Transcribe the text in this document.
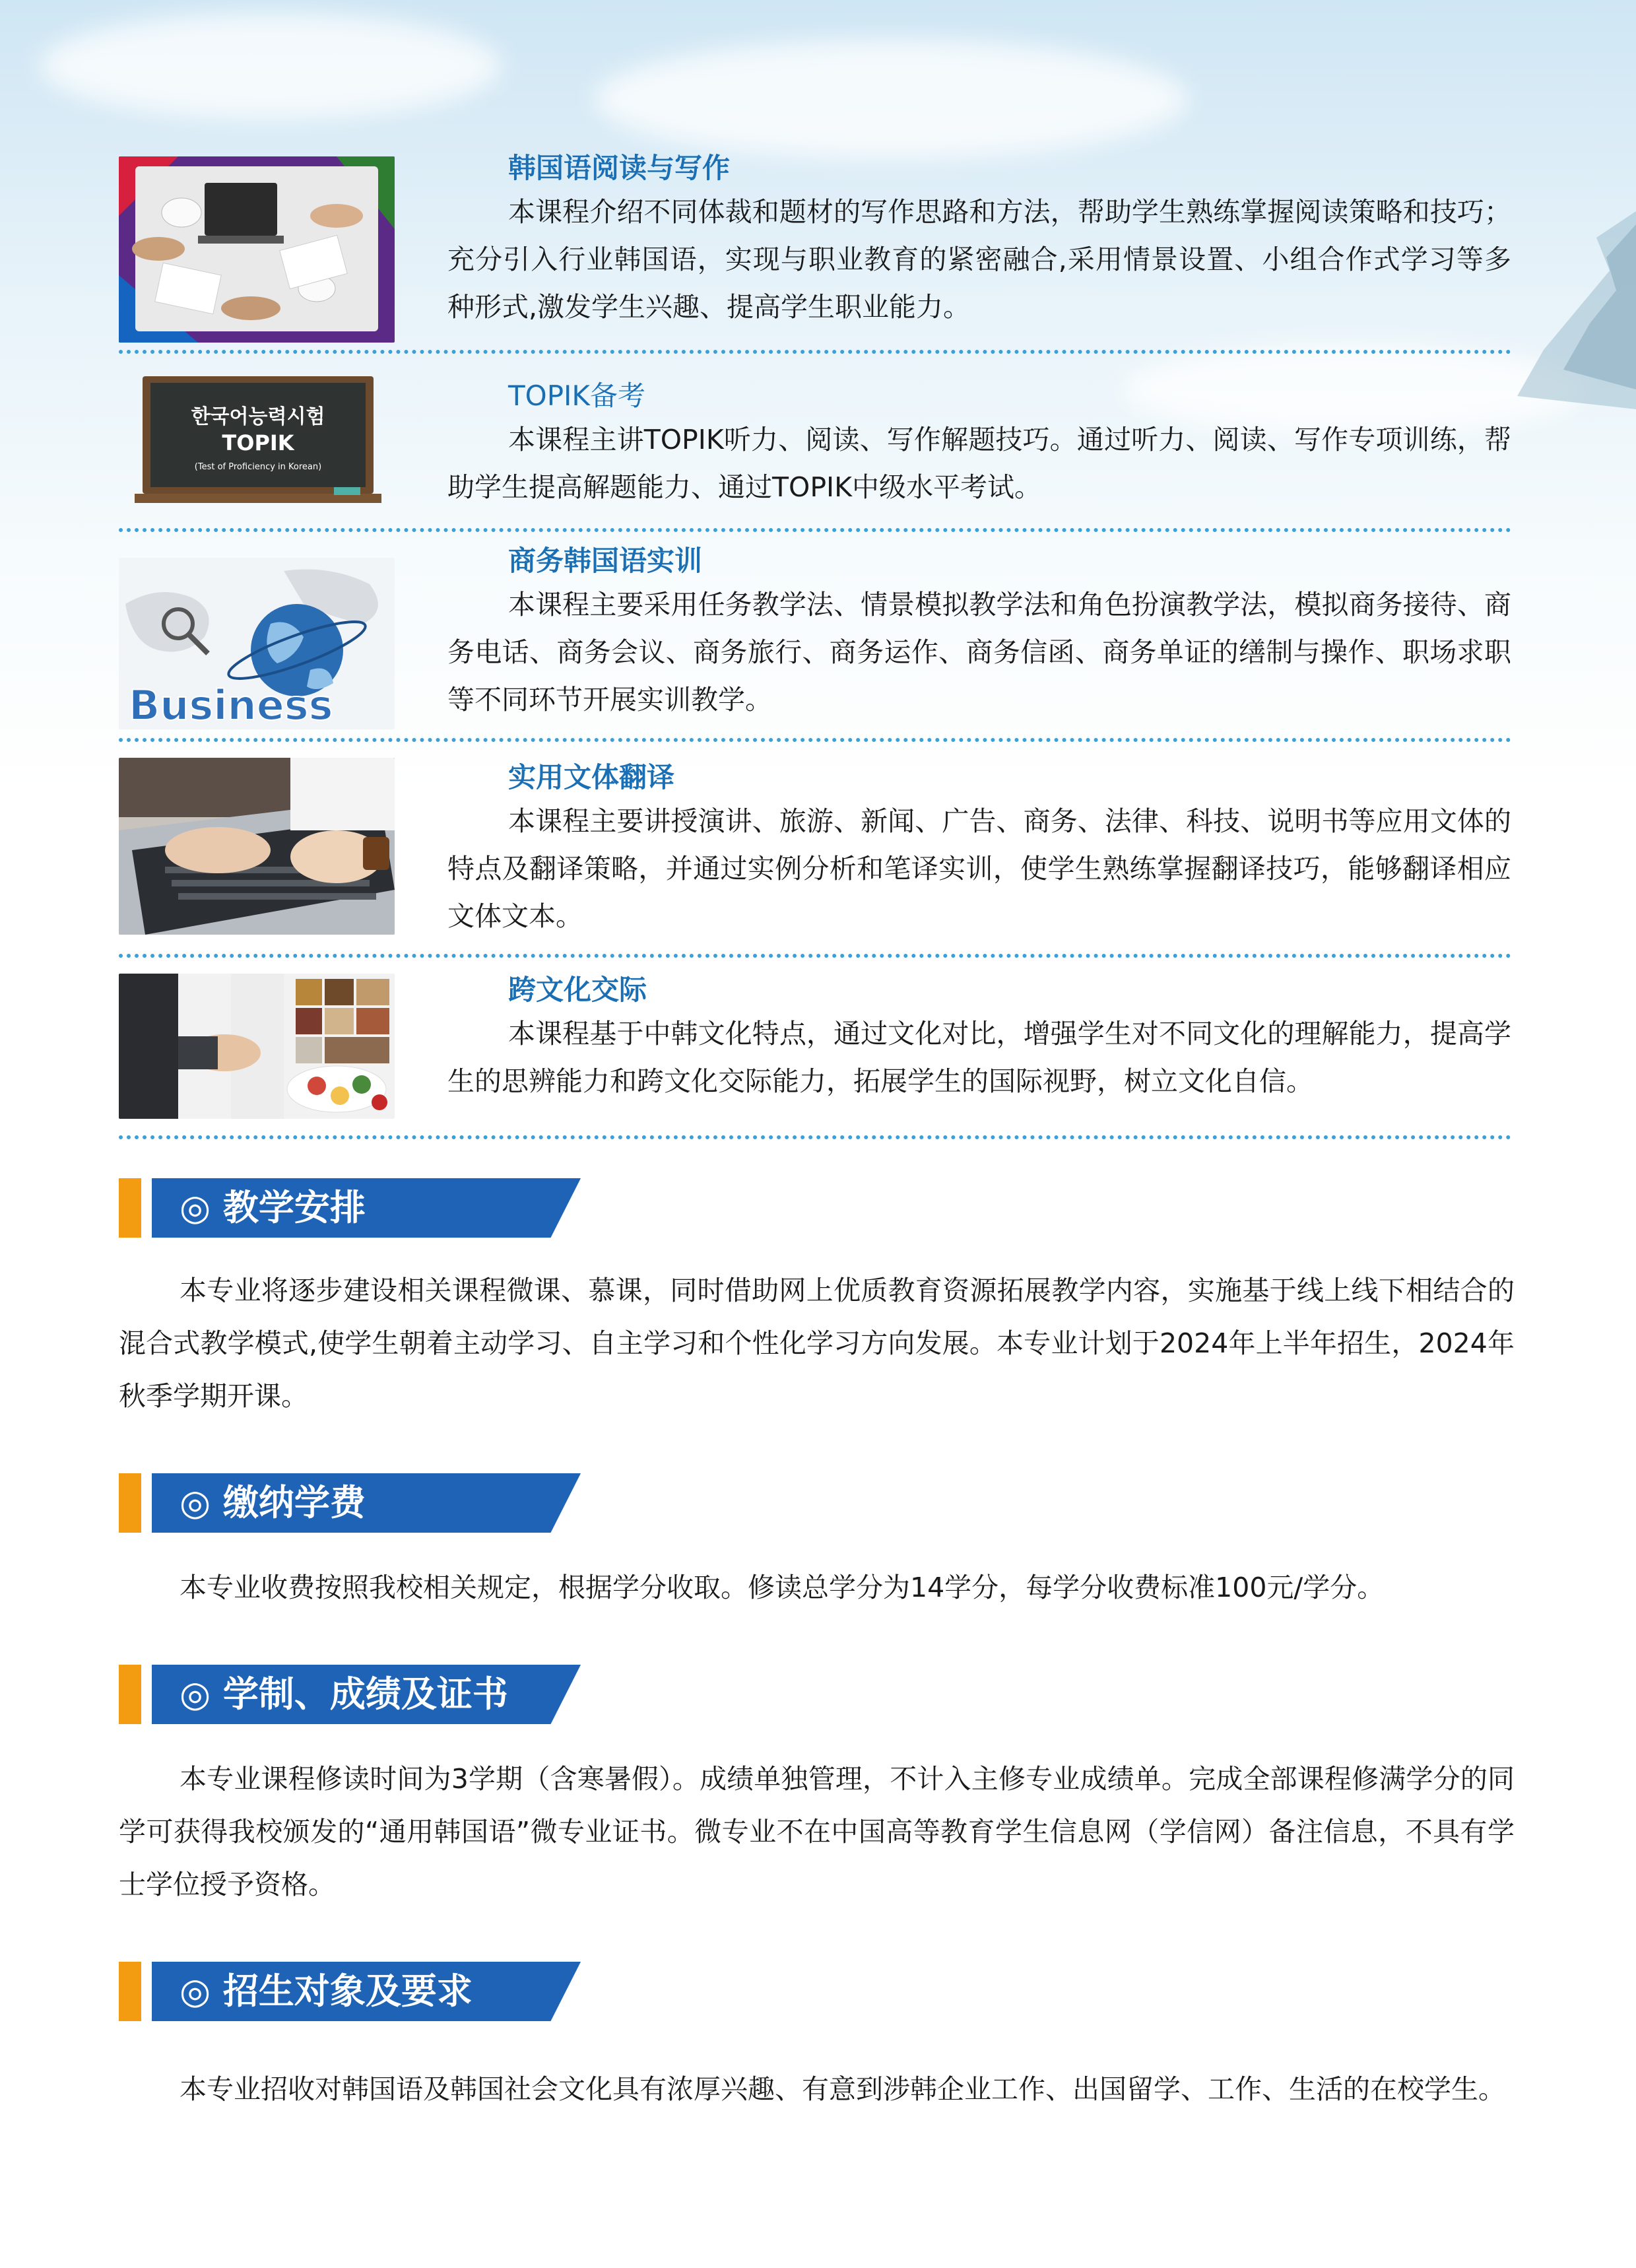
韩国语阅读与写作
本课程介绍不同体裁和题材的写作思路和方法，帮助学生熟练掌握阅读策略和技巧；充分引入行业韩国语，实现与职业教育的紧密融合,采用情景设置、小组合作式学习等多种形式,激发学生兴趣、提高学生职业能力。
한국어능력시험
TOPIK
(Test of Proficiency in Korean)
TOPIK备考
本课程主讲TOPIK听力、阅读、写作解题技巧。通过听力、阅读、写作专项训练，帮助学生提高解题能力、通过TOPIK中级水平考试。
Business
商务韩国语实训
本课程主要采用任务教学法、情景模拟教学法和角色扮演教学法，模拟商务接待、商务电话、商务会议、商务旅行、商务运作、商务信函、商务单证的缮制与操作、职场求职等不同环节开展实训教学。
实用文体翻译
本课程主要讲授演讲、旅游、新闻、广告、商务、法律、科技、说明书等应用文体的特点及翻译策略，并通过实例分析和笔译实训，使学生熟练掌握翻译技巧，能够翻译相应文体文本。
跨文化交际
本课程基于中韩文化特点，通过文化对比，增强学生对不同文化的理解能力，提高学生的思辨能力和跨文化交际能力，拓展学生的国际视野，树立文化自信。
◎ 教学安排
本专业将逐步建设相关课程微课、慕课，同时借助网上优质教育资源拓展教学内容，实施基于线上线下相结合的混合式教学模式,使学生朝着主动学习、自主学习和个性化学习方向发展。本专业计划于2024年上半年招生，2024年秋季学期开课。
◎ 缴纳学费
本专业收费按照我校相关规定，根据学分收取。修读总学分为14学分，每学分收费标准100元/学分。
◎ 学制、成绩及证书
本专业课程修读时间为3学期（含寒暑假）。成绩单独管理，不计入主修专业成绩单。完成全部课程修满学分的同学可获得我校颁发的“通用韩国语”微专业证书。微专业不在中国高等教育学生信息网（学信网）备注信息，不具有学士学位授予资格。
◎ 招生对象及要求
本专业招收对韩国语及韩国社会文化具有浓厚兴趣、有意到涉韩企业工作、出国留学、工作、生活的在校学生。
